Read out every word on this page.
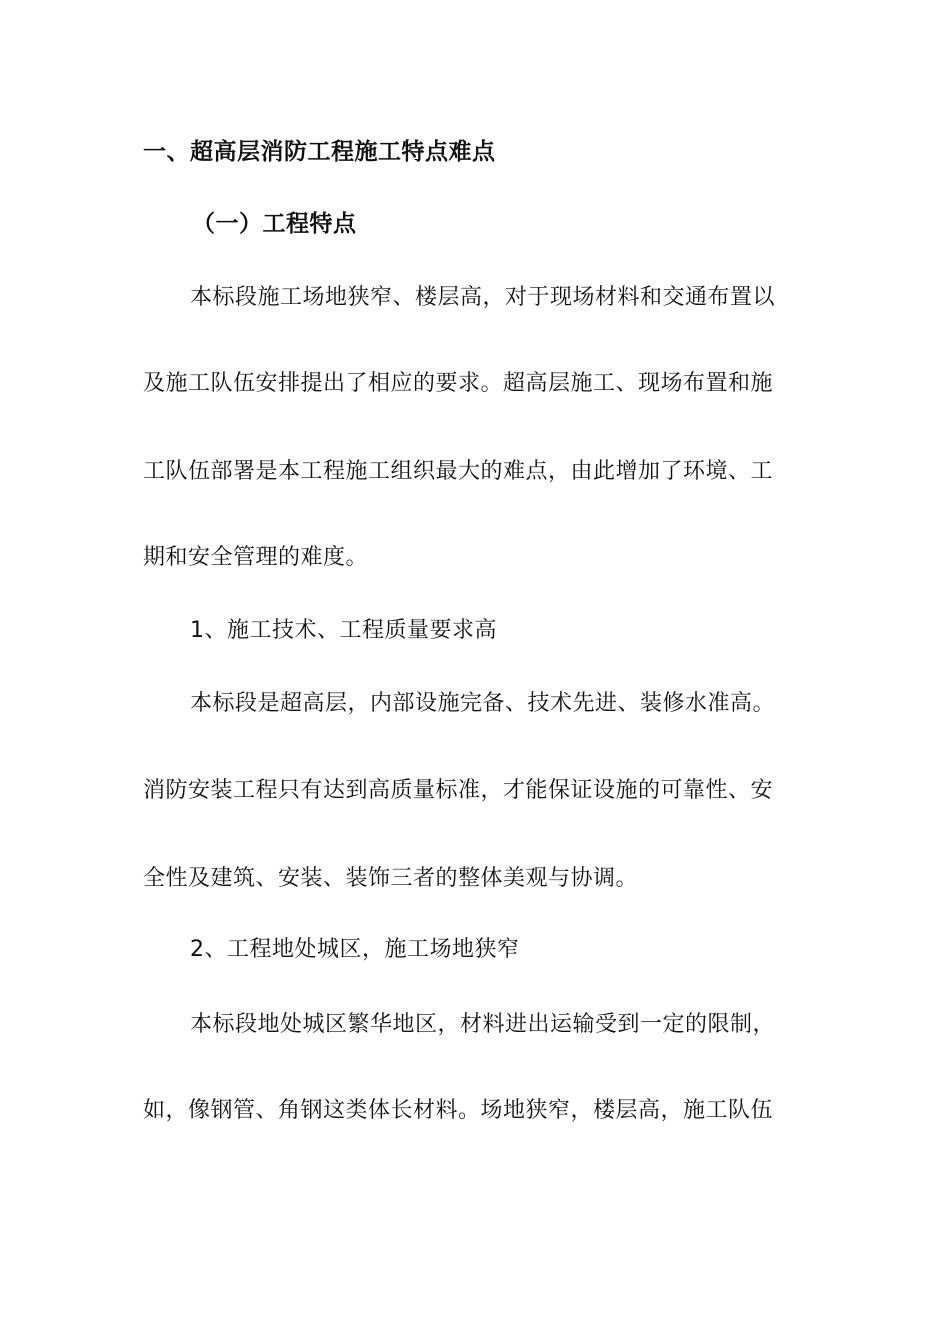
一、超高层消防工程施工特点难点
（一）工程特点
本标段施工场地狭窄、楼层高，对于现场材料和交通布置以
及施工队伍安排提出了相应的要求。超高层施工、现场布置和施
工队伍部署是本工程施工组织最大的难点，由此增加了环境、工
期和安全管理的难度。
1、施工技术、工程质量要求高
本标段是超高层，内部设施完备、技术先进、装修水准高。
消防安装工程只有达到高质量标准，才能保证设施的可靠性、安
全性及建筑、安装、装饰三者的整体美观与协调。
2、工程地处城区，施工场地狭窄
本标段地处城区繁华地区，材料进出运输受到一定的限制，
如，像钢管、角钢这类体长材料。场地狭窄，楼层高，施工队伍
